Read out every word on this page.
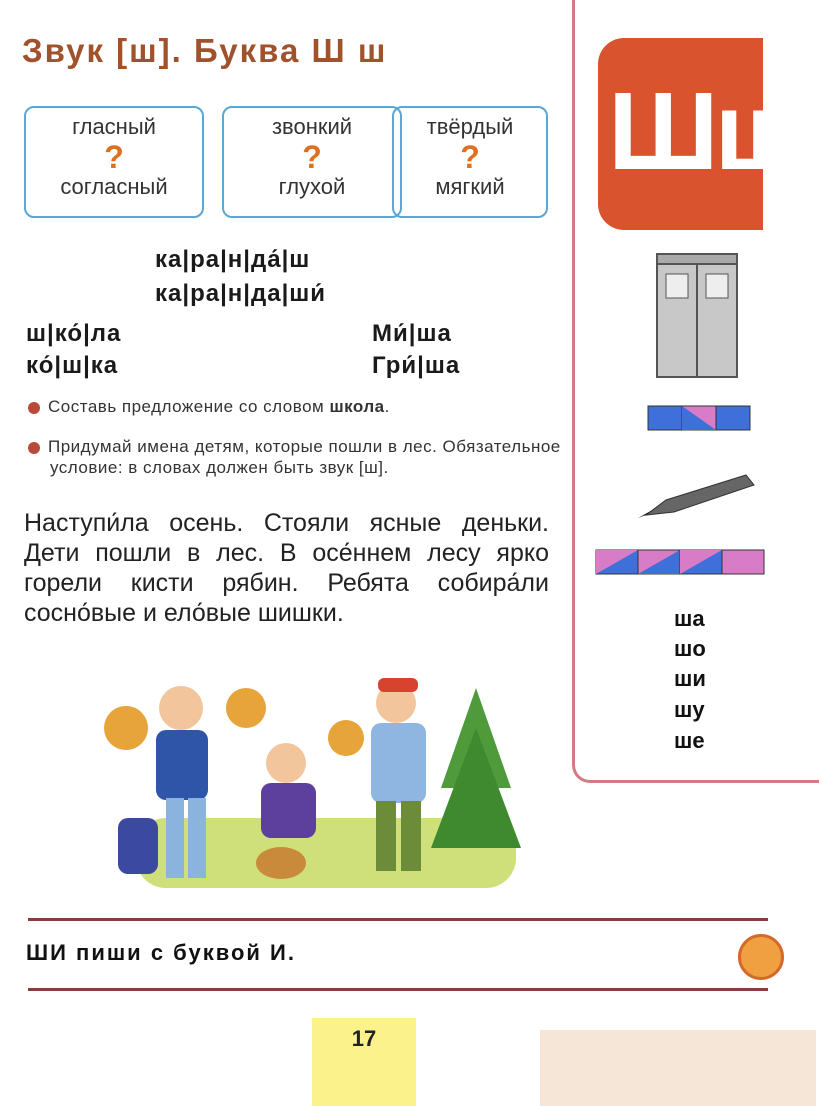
Звук [ш]. Буква Ш ш
гласный
?
согласный
звонкий
?
глухой
твёрдый
?
мягкий
ка|ра|н|да́|ш
ка|ра|н|да|ши́
ш|ко́|ла
ко́|ш|ка
Ми́|ша
Гри́|ша
Составь предложение со словом школа.
Придумай имена детям, которые пошли в лес. Обязательное условие: в словах должен быть звук [ш].
Наступи́ла осень. Стояли ясные деньки. Дети пошли в лес. В осе́ннем лесу ярко горели кисти рябин. Ребята собира́ли сосно́вые и ело́вые шишки.
ШИ пиши с буквой И.
17
Шш
ша
шо
ши
шу
ше
